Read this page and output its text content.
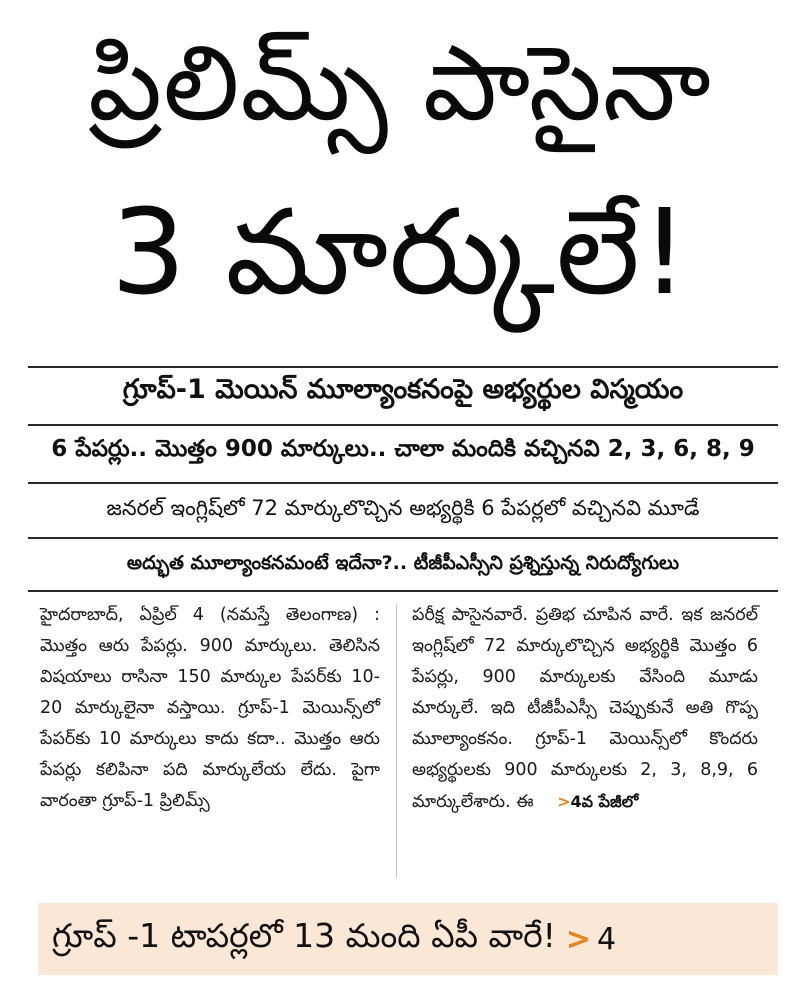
ప్రిలిమ్స్ పాసైనా
3 మార్కులే!
గ్రూప్-1 మెయిన్ మూల్యాంకనంపై అభ్యర్థుల విస్మయం
6 పేపర్లు.. మొత్తం 900 మార్కులు.. చాలా మందికి వచ్చినవి 2, 3, 6, 8, 9
జనరల్ ఇంగ్లిష్‌లో 72 మార్కులొచ్చిన అభ్యర్థికి 6 పేపర్లలో వచ్చినవి మూడే
అద్భుత మూల్యాంకనమంటే ఇదేనా?.. టీజీపీఎస్సీని ప్రశ్నిస్తున్న నిరుద్యోగులు
హైదరాబాద్, ఏప్రిల్ 4 (నమస్తే తెలంగాణ) : మొత్తం ఆరు పేపర్లు. 900 మార్కులు. తెలిసిన విషయాలు రాసినా 150 మార్కుల పేపర్‌కు 10-20 మార్కులైనా వస్తాయి. గ్రూప్-1 మెయిన్స్‌లో పేపర్‌కు 10 మార్కులు కాదు కదా.. మొత్తం ఆరు పేపర్లు కలిపినా పది మార్కులేయ లేదు. పైగా వారంతా గ్రూప్-1 ప్రిలిమ్స్
పరీక్ష పాసైనవారే. ప్రతిభ చూపిన వారే. ఇక జనరల్ ఇంగ్లిష్‌లో 72 మార్కులొచ్చిన అభ్యర్థికి మొత్తం 6 పేపర్లు, 900 మార్కులకు వేసింది మూడు మార్కులే. ఇది టీజీపీఎస్సీ చెప్పుకునే అతి గొప్ప మూల్యాంకనం. గ్రూప్-1 మెయిన్స్‌లో కొందరు అభ్యర్థులకు 900 మార్కులకు 2, 3, 8,9, 6 మార్కులేశారు. ఈ >4వ పేజీలో
గ్రూప్ -1 టాపర్లలో 13 మంది ఏపీ వారే! > 4
